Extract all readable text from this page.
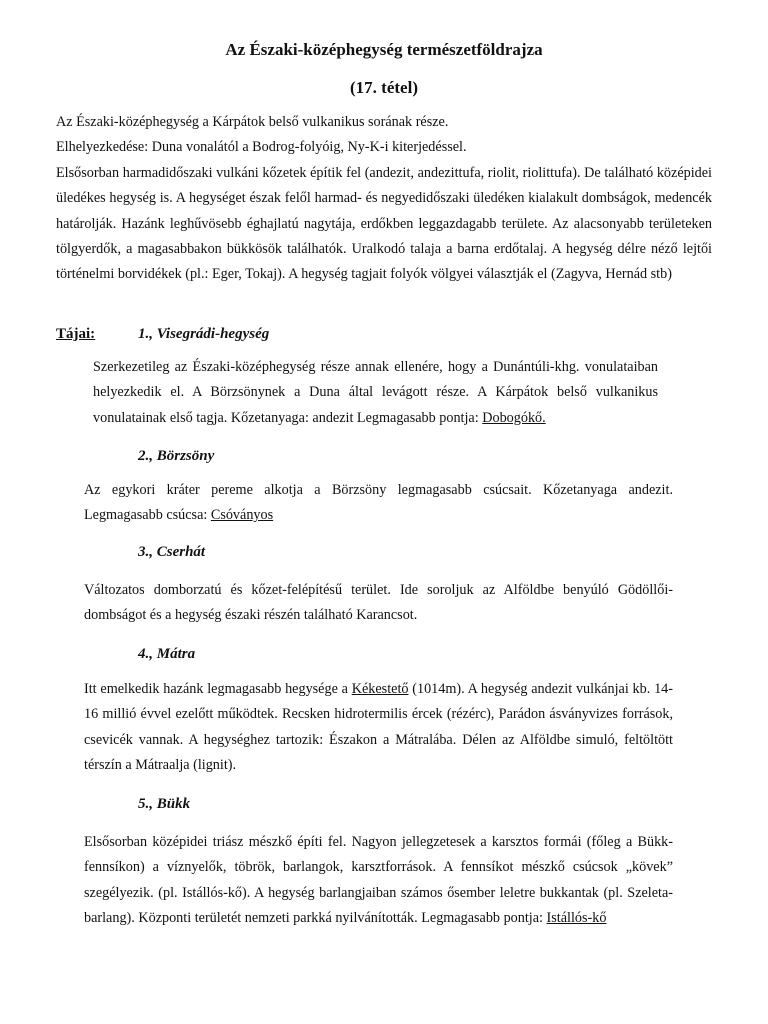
Az Északi-középhegység természetföldrajza
(17. tétel)
Az Északi-középhegység a Kárpátok belső vulkanikus sorának része.
Elhelyezkedése: Duna vonalától a Bodrog-folyóig, Ny-K-i kiterjedéssel.
Elsősorban harmadidőszaki vulkáni kőzetek építik fel (andezit, andezittufa, riolit, riolittufa). De található középidei üledékes hegység is. A hegységet észak felől harmad- és negyedidőszaki üledéken kialakult dombságok, medencék határolják. Hazánk leghűvösebb éghajlatú nagytája, erdőkben leggazdagabb területe. Az alacsonyabb területeken tölgyerdők, a magasabbakon bükkösök találhatók. Uralkodó talaja a barna erdőtalaj. A hegység délre néző lejtői történelmi borvidékek (pl.: Eger, Tokaj). A hegység tagjait folyók völgyei választják el (Zagyva, Hernád stb)
Tájai:	1., Visegrádi-hegység
Szerkezetileg az Északi-középhegység része annak ellenére, hogy a Dunántúli-khg. vonulataiban helyezkedik el. A Börzsönynek a Duna által levágott része. A Kárpátok belső vulkanikus vonulatainak első tagja. Kőzetanyaga: andezit Legmagasabb pontja: Dobogókő.
2., Börzsöny
Az egykori kráter pereme alkotja a Börzsöny legmagasabb csúcsait. Kőzetanyaga andezit. Legmagasabb csúcsa: Csóványos
3., Cserhát
Változatos domborzatú és kőzet-felépítésű terület. Ide soroljuk az Alföldbe benyúló Gödöllői-dombságot és a hegység északi részén található Karancsot.
4., Mátra
Itt emelkedik hazánk legmagasabb hegysége a Kékestető (1014m). A hegység andezit vulkánjai kb. 14-16 millió évvel ezelőtt működtek. Recsken hidrotermilis ércek (rézérc), Parádon ásványvizes források, csevicék vannak. A hegységhez tartozik: Északon a Mátralába. Délen az Alföldbe simuló, feltöltött térszín a Mátraalja (lignit).
5., Bükk
Elsősorban középidei triász mészkő építi fel. Nagyon jellegzetesek a karsztos formái (főleg a Bükk-fennsíkon) a víznyelők, töbrök, barlangok, karsztforrások. A fennsíkot mészkő csúcsok „kövek” szegélyezik. (pl. Istállós-kő). A hegység barlangjaiban számos ősember leletre bukkantak (pl. Szeleta-barlang). Központi területét nemzeti parkká nyilvánították. Legmagasabb pontja: Istállós-kő
